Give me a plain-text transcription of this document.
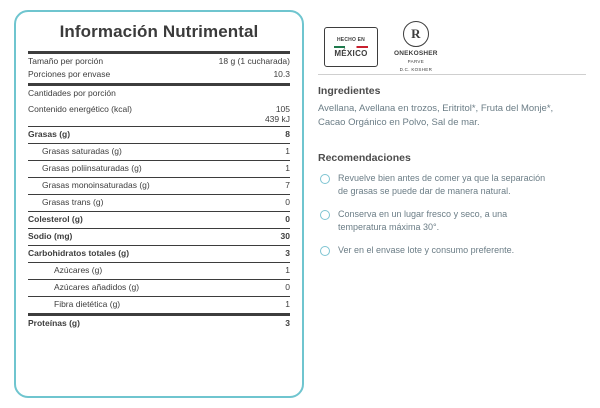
Información Nutrimental
Tamaño per porción	18 g (1 cucharada)
Porciones por envase	10.3
Cantidades por porción
Contenido energético (kcal)	105
439 kJ
Grasas (g)	8
Grasas saturadas (g)	1
Grasas poliinsaturadas (g)	1
Grasas monoinsaturadas (g)	7
Grasas trans (g)	0
Colesterol (g)	0
Sodio (mg)	30
Carbohidratos totales (g)	3
Azúcares (g)	1
Azúcares añadidos (g)	0
Fibra dietética (g)	1
Proteínas (g)	3
HECHO EN
MÉXICO
R
ONEKOSHER
PARVE
D.C. KOSHER
Ingredientes
Avellana, Avellana en trozos, Eritritol*, Fruta del Monje*, Cacao Orgánico en Polvo, Sal de mar.
Recomendaciones
Revuelve bien antes de comer ya que la separación de grasas se puede dar de manera natural.
Conserva en un lugar fresco y seco, a una temperatura máxima 30°.
Ver en el envase lote y consumo preferente.
